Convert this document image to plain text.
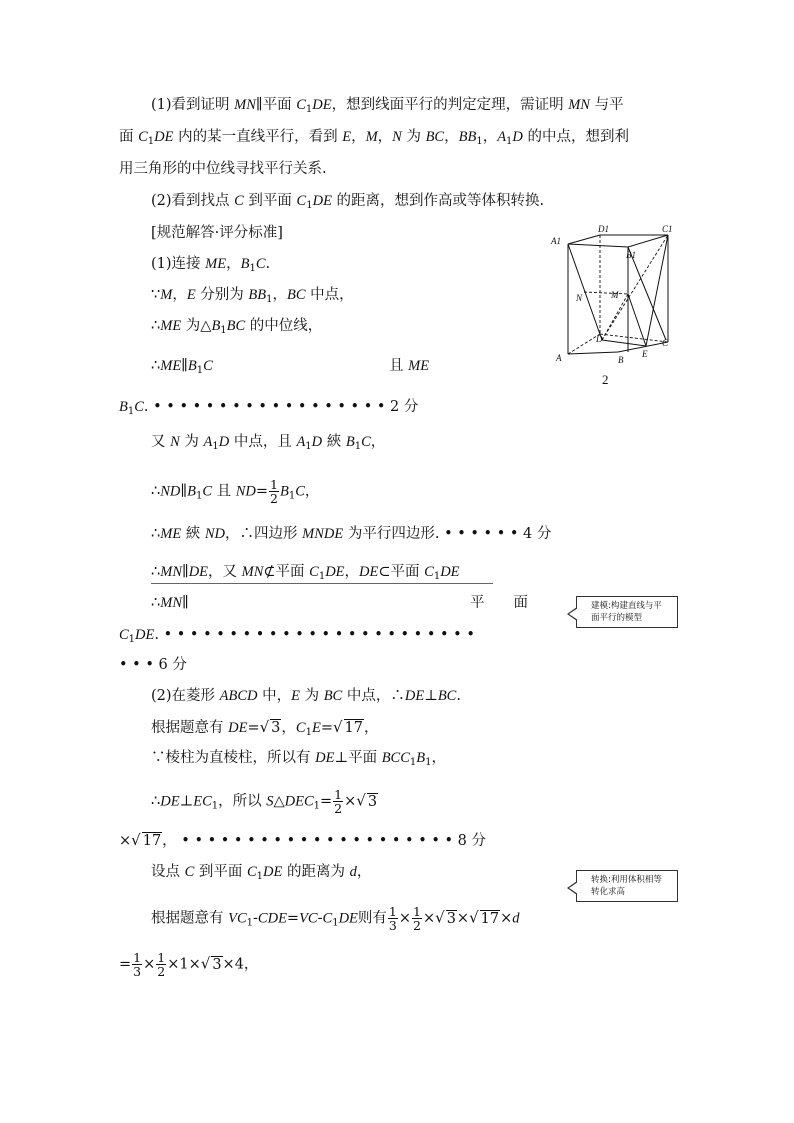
(1)看到证明 MN∥平面 $C_1DE$，想到线面平行的判定定理，需证明 MN 与平
面 $C_1DE$ 内的某一直线平行，看到 E，M，N 为 BC，$BB_1$，$A_1D$ 的中点，想到利
用三角形的中位线寻找平行关系.
(2)看到找点 C 到平面 $C_1DE$ 的距离，想到作高或等体积转换.
[规范解答·评分标准]
(1)连接 ME，$B_1C$.
∵M，E 分别为 $BB_1$，BC 中点，
∴ME 为$\triangle B_1BC$ 的中位线，
$\therefore ME\parallel B_1C$	且 ME
$B_1C$. • • • • • • • • • • • • • • • • • • 2 分
又 N 为 $A_1D$ 中点，且 $A_1D$ 綊 $B_1C$，
$\therefore ND\parallel B_1C$ 且 $ND= \frac{1}{2} B_1C$，
∴ME 綊 ND，∴四边形 MNDE 为平行四边形. • • • • • • 4 分
∴MN∥DE，又 MN⊄平面 $C_1DE$，DE⊂平面 $C_1DE$
∴MN∥	平　　面
$C_1DE$. • • • • • • • • • • • • • • • • • • • • • • • •
• • • 6 分
(2)在菱形 ABCD 中，E 为 BC 中点，∴DE⊥BC.
根据题意有 DE=√ 3，$C_1E=√$ 17，
∵棱柱为直棱柱，所以有 DE⊥平面 $BCC_1B_1$，
$\therefore DE\perp EC_1$，所以 $S\triangle DEC_1= \frac{1}{2}$ ×√ 3
×√ 17， • • • • • • • • • • • • • • • • • • • • • 8 分
设点 C 到平面 $C_1DE$ 的距离为 d，
根据题意有 $VC_1-CDE=VC-C_1DE$则有 $\frac{1}{3} \times \frac{1}{2}$ ×√ 3×√ 17×d
= $\frac{1}{3} \times \frac{1}{2} \times 1\times√$ 3×4，
建模:构建直线与平
面平行的模型
转换:利用体积相等
转化求高
A1
D1	C1
B1
N	M
D
A	B
E
C
2
